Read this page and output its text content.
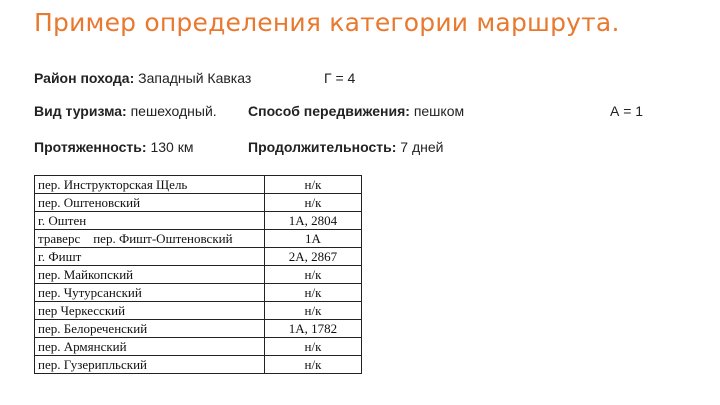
Пример определения категории маршрута.
Район похода: Западный Кавказ	Г = 4
Вид туризма: пешеходный. Способ передвижения: пешком	А = 1
Протяженность: 130 км	Продолжительность: 7 дней
пер. Инструкторская Щель	н/к
пер. Оштеновский	н/к
г. Оштен	1А, 2804
траверс    пер. Фишт-Оштеновский	1А
г. Фишт	2А, 2867
пер. Майкопский	н/к
пер. Чутурсанский	н/к
пер Черкесский	н/к
пер. Белореченский	1А, 1782
пер. Армянский	н/к
пер. Гузерипльский	н/к
